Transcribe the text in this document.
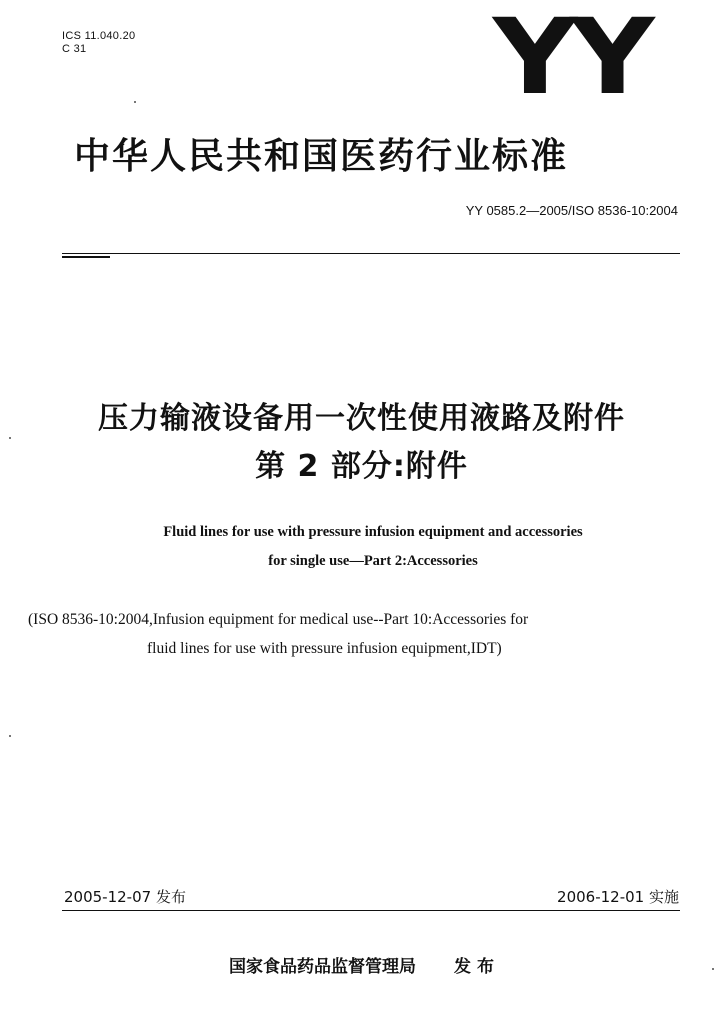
ICS 11.040.20
C 31	YY
中华人民共和国医药行业标准
YY 0585.2—2005/ISO 8536-10:2004
压力输液设备用一次性使用液路及附件
第 2 部分:附件
Fluid lines for use with pressure infusion equipment and accessories
for single use—Part 2:Accessories
(ISO 8536-10:2004,Infusion equipment for medical use--Part 10:Accessories for
fluid lines for use with pressure infusion equipment,IDT)
2005-12-07 发布	2006-12-01 实施
国家食品药品监督管理局 发 布
